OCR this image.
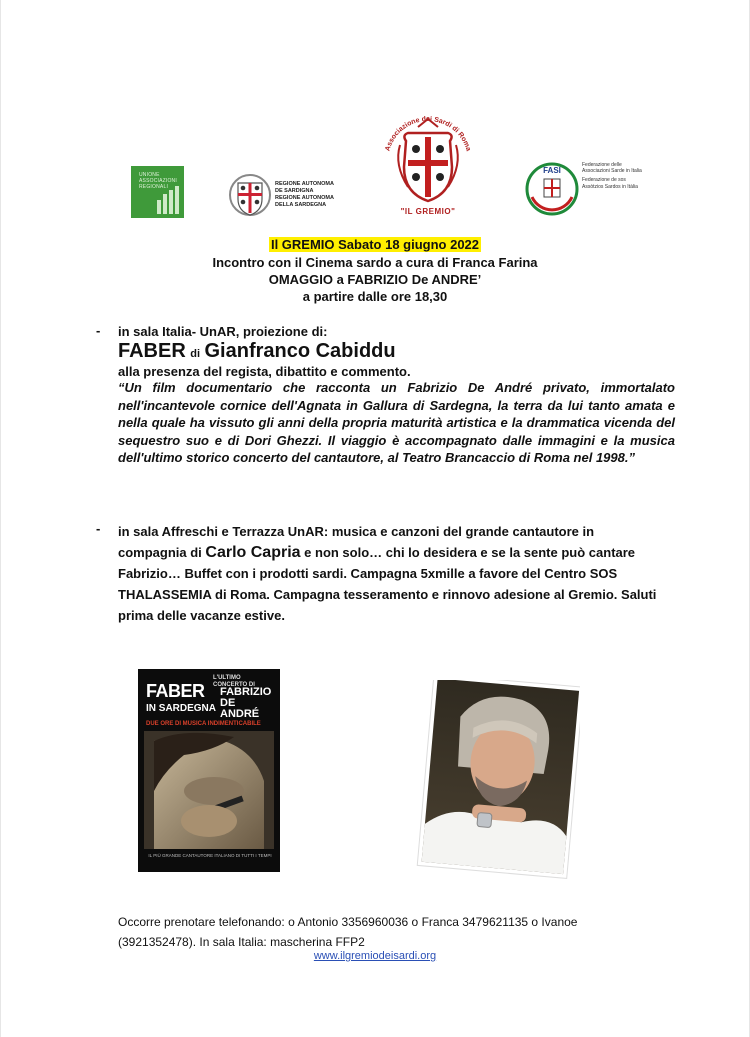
UNIONE ASSOCIAZIONI REGIONALI	REGIONE AUTONOMA
DE SARDIGNA
REGIONE AUTONOMA
DELLA SARDEGNA
Associazione dei Sardi di Roma
"IL GREMIO"
FASI
Federazione delle Associazioni Sarde in Italia
Federazione de sos Assòtzios Sardos in Itàlia
Il GREMIO Sabato 18 giugno 2022
Incontro con il Cinema sardo a cura di Franca Farina
OMAGGIO a FABRIZIO De ANDRE’
a partire dalle ore 18,30
- in sala Italia- UnAR, proiezione di:
FABER di Gianfranco Cabiddu
alla presenza del regista, dibattito e commento.
“Un film documentario che racconta un Fabrizio De André privato, immortalato nell'incantevole cornice dell'Agnata in Gallura di Sardegna, la terra da lui tanto amata e nella quale ha vissuto gli anni della propria maturità artistica e la drammatica vicenda del sequestro suo e di Dori Ghezzi. Il viaggio è accompagnato dalle immagini e la musica dell'ultimo storico concerto del cantautore, al Teatro Brancaccio di Roma nel 1998.”
- in sala Affreschi e Terrazza UnAR: musica e canzoni del grande cantautore in compagnia di Carlo Capria e non solo… chi lo desidera e se la sente può cantare Fabrizio… Buffet con i prodotti sardi. Campagna 5xmille a favore del Centro SOS THALASSEMIA di Roma. Campagna tesseramento e rinnovo adesione al Gremio. Saluti prima delle vacanze estive.
FABER
IN SARDEGNA
L'ULTIMO CONCERTO DI
FABRIZIO DE ANDRÉ
DUE ORE DI MUSICA INDIMENTICABILE
IL PIÙ GRANDE CANTAUTORE ITALIANO DI TUTTI I TEMPI
Occorre prenotare telefonando: o Antonio 3356960036 o Franca 3479621135 o Ivanoe (3921352478). In sala Italia: mascherina FFP2
www.ilgremiodeisardi.org
